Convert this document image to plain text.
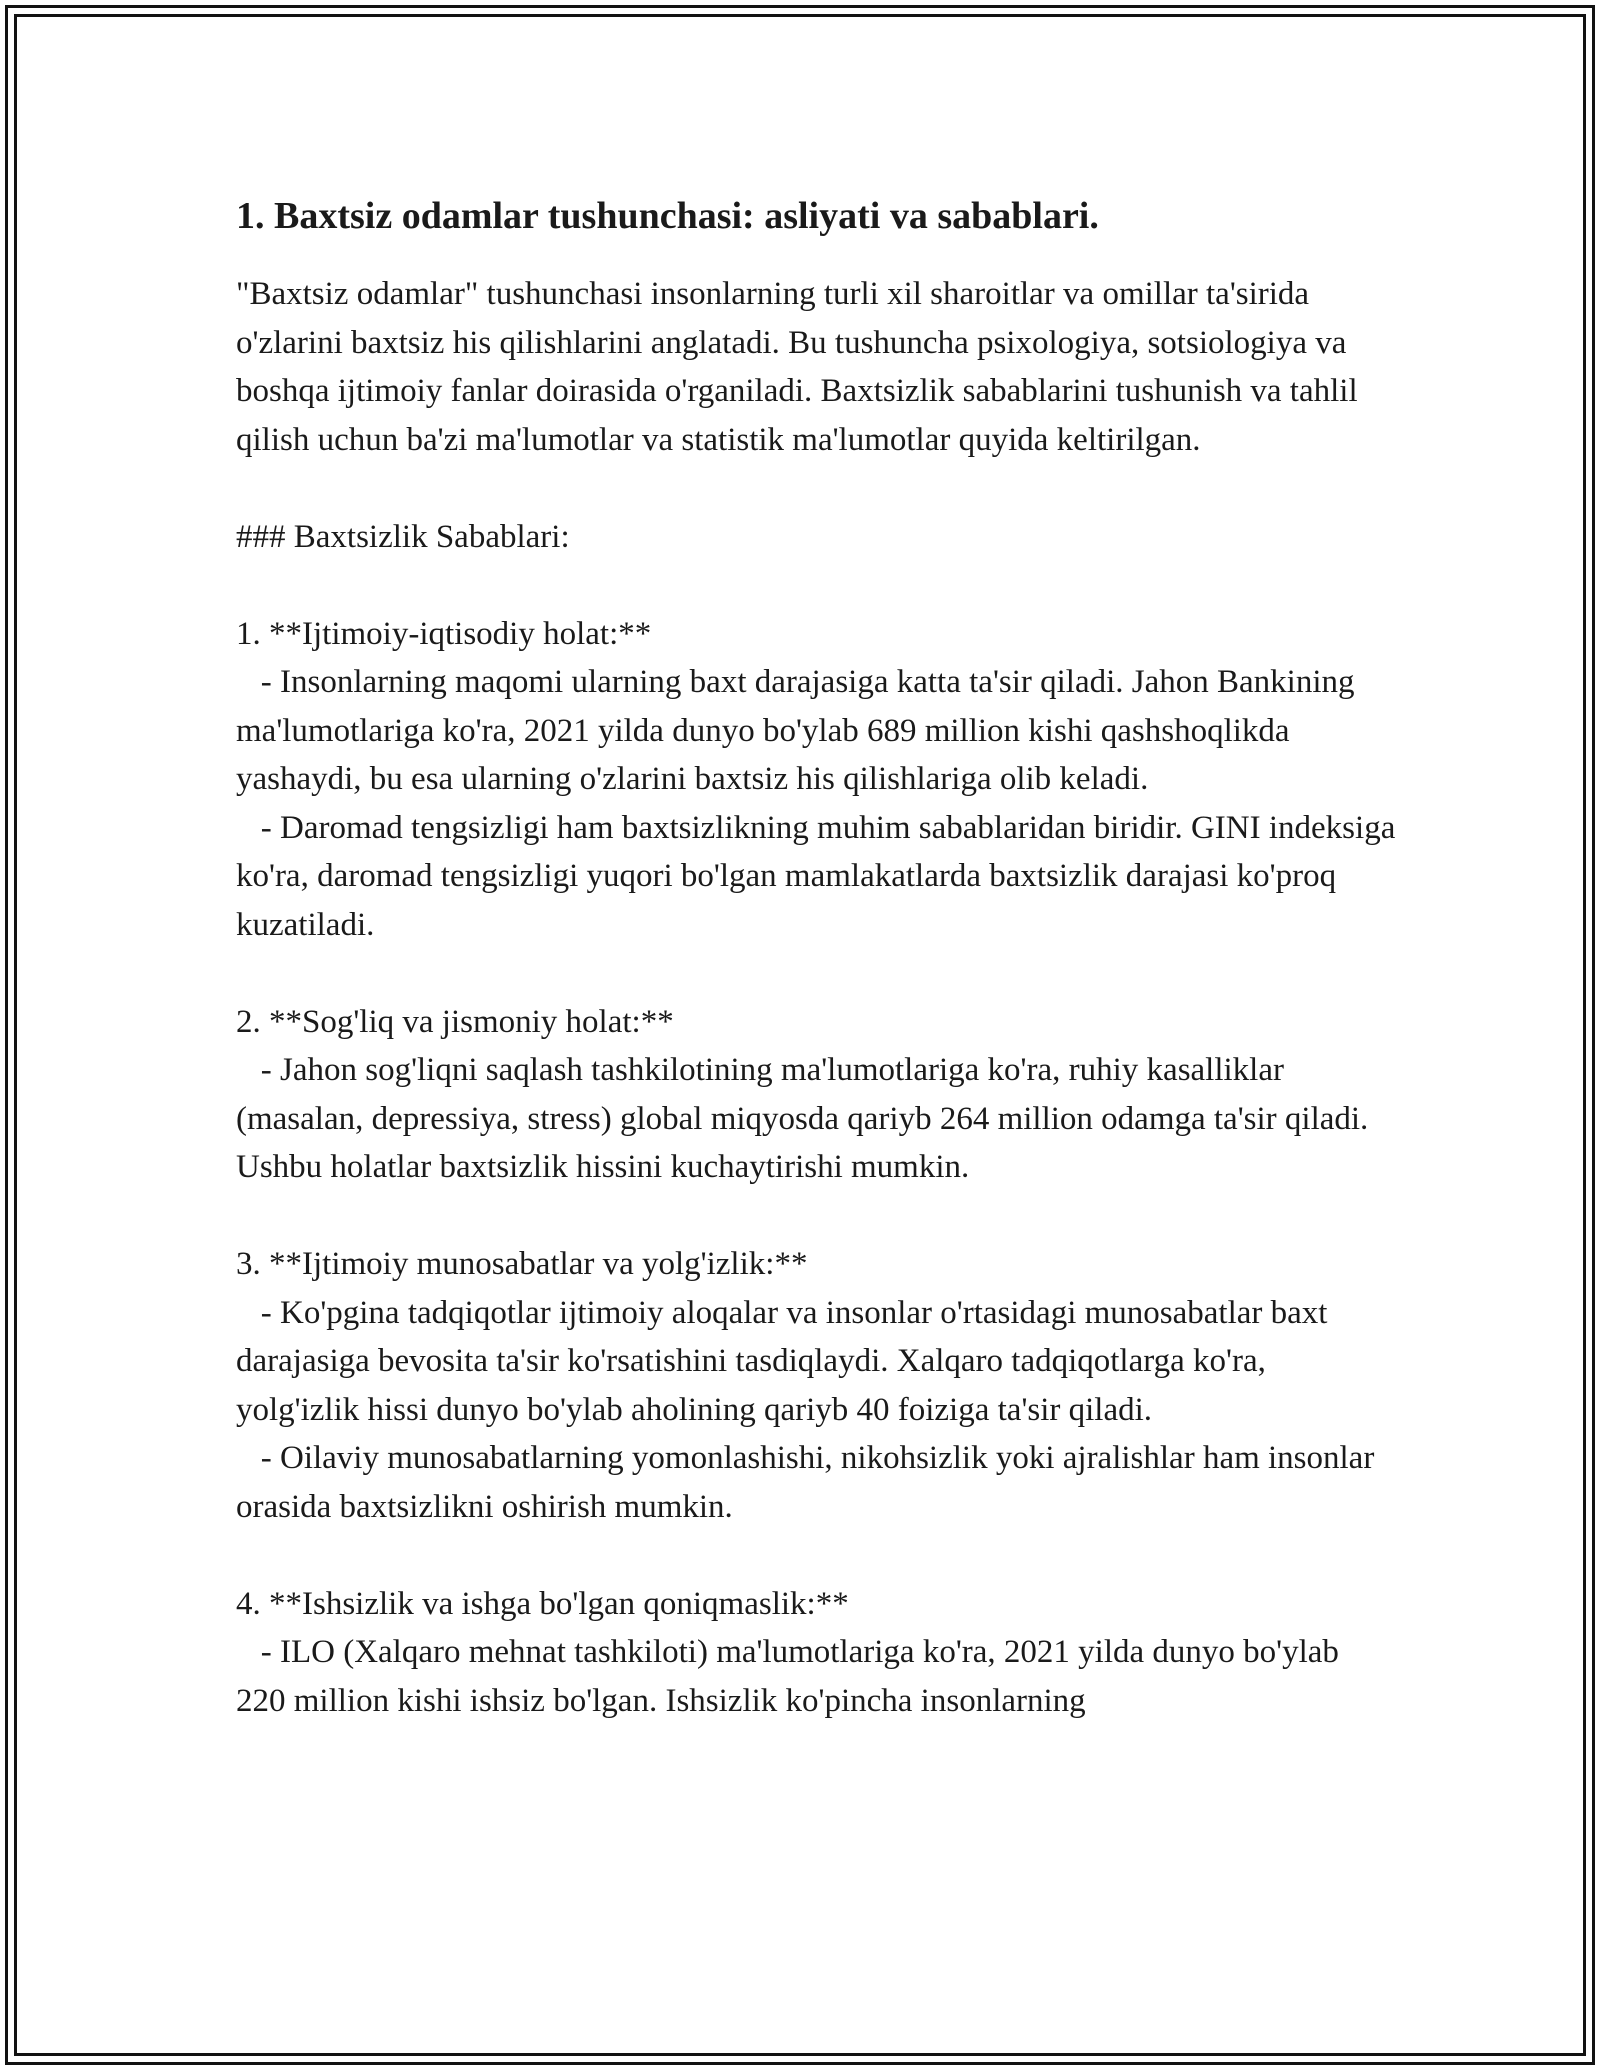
1. Baxtsiz odamlar tushunchasi: asliyati va sabablari.

"Baxtsiz odamlar" tushunchasi insonlarning turli xil sharoitlar va omillar ta'sirida o'zlarini baxtsiz his qilishlarini anglatadi. Bu tushuncha psixologiya, sotsiologiya va boshqa ijtimoiy fanlar doirasida o'rganiladi. Baxtsizlik sabablarini tushunish va tahlil qilish uchun ba'zi ma'lumotlar va statistik ma'lumotlar quyida keltirilgan.

### Baxtsizlik Sabablari:

1. **Ijtimoiy-iqtisodiy holat:**

- Insonlarning maqomi ularning baxt darajasiga katta ta'sir qiladi. Jahon Bankining ma'lumotlariga ko'ra, 2021 yilda dunyo bo'ylab 689 million kishi qashshoqlikda yashaydi, bu esa ularning o'zlarini baxtsiz his qilishlariga olib keladi.

- Daromad tengsizligi ham baxtsizlikning muhim sabablaridan biridir. GINI indeksiga ko'ra, daromad tengsizligi yuqori bo'lgan mamlakatlarda baxtsizlik darajasi ko'proq kuzatiladi.

2. **Sog'liq va jismoniy holat:**

- Jahon sog'liqni saqlash tashkilotining ma'lumotlariga ko'ra, ruhiy kasalliklar (masalan, depressiya, stress) global miqyosda qariyb 264 million odamga ta'sir qiladi. Ushbu holatlar baxtsizlik hissini kuchaytirishi mumkin.

3. **Ijtimoiy munosabatlar va yolg'izlik:**

- Ko'pgina tadqiqotlar ijtimoiy aloqalar va insonlar o'rtasidagi munosabatlar baxt darajasiga bevosita ta'sir ko'rsatishini tasdiqlaydi. Xalqaro tadqiqotlarga ko'ra, yolg'izlik hissi dunyo bo'ylab aholining qariyb 40 foiziga ta'sir qiladi.

- Oilaviy munosabatlarning yomonlashishi, nikohsizlik yoki ajralishlar ham insonlar orasida baxtsizlikni oshirish mumkin.

4. **Ishsizlik va ishga bo'lgan qoniqmaslik:**

- ILO (Xalqaro mehnat tashkiloti) ma'lumotlariga ko'ra, 2021 yilda dunyo bo'ylab 220 million kishi ishsiz bo'lgan. Ishsizlik ko'pincha insonlarning
